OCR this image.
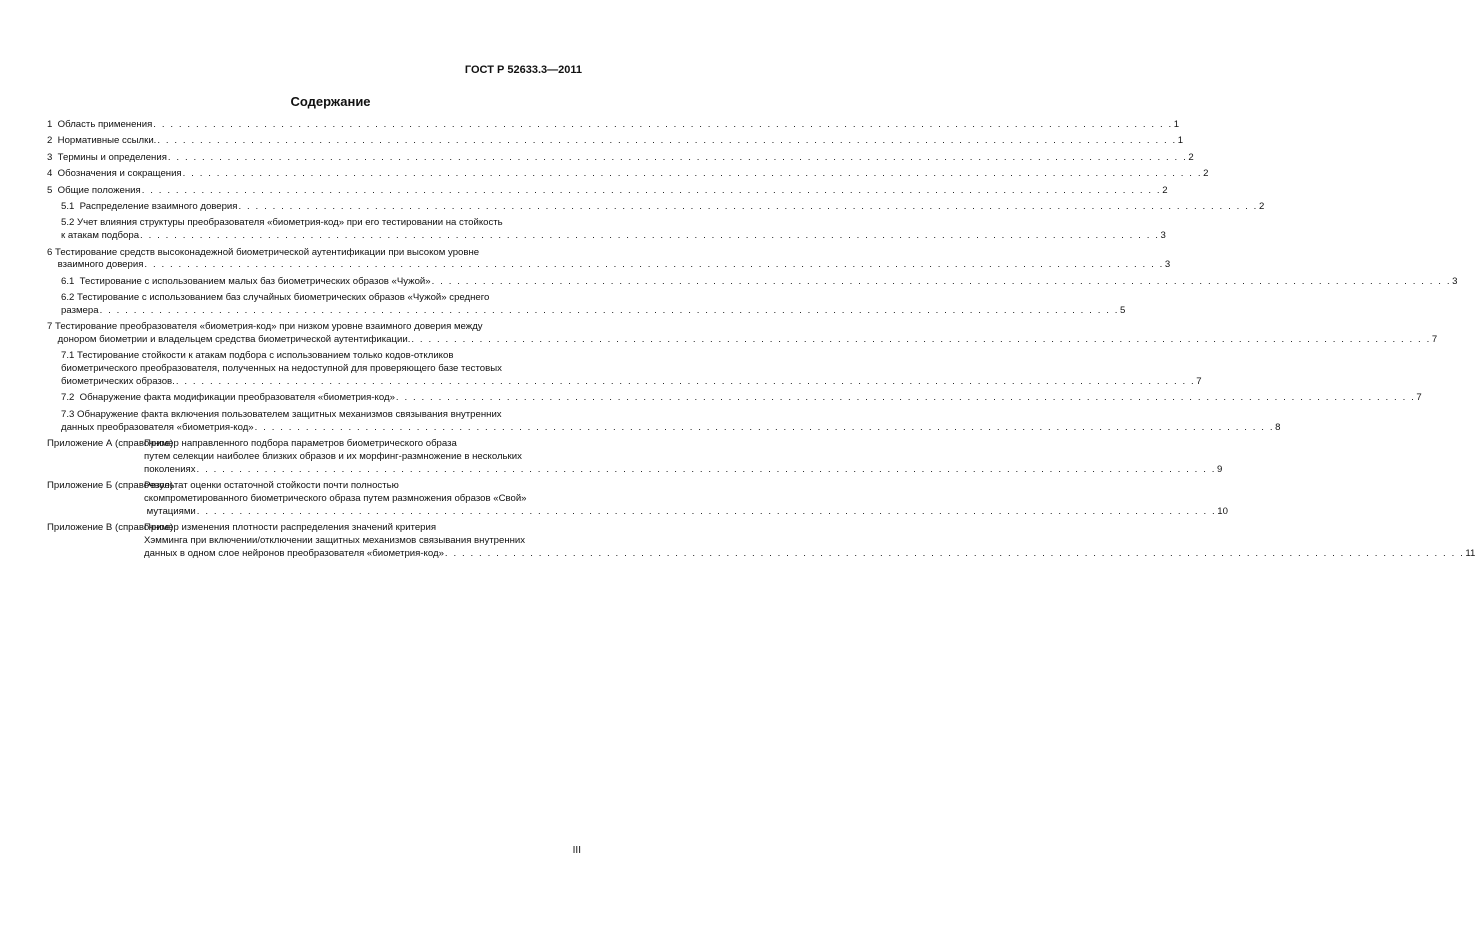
ГОСТ Р 52633.3—2011
Содержание
1  Область применения . . . . . . . . . . . . . . . . . . . . . . . . . . . . . . . . . . . . . . . . . . . . . . . . . . . . . . . . . . . . . . . . . . . . . . . . . . . . . . . . . . . . . . . . . . . . . . . . . . . . . . . . . . . . . . . . . . . . . . . . 1
2  Нормативные ссылки. . . . . . . . . . . . . . . . . . . . . . . . . . . . . . . . . . . . . . . . . . . . . . . . . . . . . . . . . . . . . . . . . . . . . . . . . . . . . . . . . . . . . . . . . . . . . . . . . . . . . . . . . . . . . . . . . . . . . . . . . 1
3  Термины и определения . . . . . . . . . . . . . . . . . . . . . . . . . . . . . . . . . . . . . . . . . . . . . . . . . . . . . . . . . . . . . . . . . . . . . . . . . . . . . . . . . . . . . . . . . . . . . . . . . . . . . . . . . . . . . . . . . . . . . . . . 2
4  Обозначения и сокращения . . . . . . . . . . . . . . . . . . . . . . . . . . . . . . . . . . . . . . . . . . . . . . . . . . . . . . . . . . . . . . . . . . . . . . . . . . . . . . . . . . . . . . . . . . . . . . . . . . . . . . . . . . . . . . . . . . . . . . . . 2
5  Общие положения . . . . . . . . . . . . . . . . . . . . . . . . . . . . . . . . . . . . . . . . . . . . . . . . . . . . . . . . . . . . . . . . . . . . . . . . . . . . . . . . . . . . . . . . . . . . . . . . . . . . . . . . . . . . . . . . . . . . . . . . 2
5.1  Распределение взаимного доверия . . . . . . . . . . . . . . . . . . . . . . . . . . . . . . . . . . . . . . . . . . . . . . . . . . . . . . . . . . . . . . . . . . . . . . . . . . . . . . . . . . . . . . . . . . . . . . . . . . . . . . . . . . . . . . . . . . . . . . . . 2
5.2 Учет влияния структуры преобразователя «биометрия-код» при его тестировании на стойкость
к атакам подбора . . . . . . . . . . . . . . . . . . . . . . . . . . . . . . . . . . . . . . . . . . . . . . . . . . . . . . . . . . . . . . . . . . . . . . . . . . . . . . . . . . . . . . . . . . . . . . . . . . . . . . . . . . . . . . . . . . . . . . . . 3
6 Тестирование средств высоконадежной биометрической аутентификации при высоком уровне
взаимного доверия . . . . . . . . . . . . . . . . . . . . . . . . . . . . . . . . . . . . . . . . . . . . . . . . . . . . . . . . . . . . . . . . . . . . . . . . . . . . . . . . . . . . . . . . . . . . . . . . . . . . . . . . . . . . . . . . . . . . . . . . 3
6.1  Тестирование с использованием малых баз биометрических образов «Чужой» . . . . . . . . . . . . . . . . . . . . . . . . . . . . . . . . . . . . . . . . . . . . . . . . . . . . . . . . . . . . . . . . . . . . . . . . . . . . . . . . . . . . . . . . . . . . . . . . . . . . . . . . . . . . . . . . . . . . . . . . 3
6.2 Тестирование с использованием баз случайных биометрических образов «Чужой» среднего
размера . . . . . . . . . . . . . . . . . . . . . . . . . . . . . . . . . . . . . . . . . . . . . . . . . . . . . . . . . . . . . . . . . . . . . . . . . . . . . . . . . . . . . . . . . . . . . . . . . . . . . . . . . . . . . . . . . . . . . . . . 5
7 Тестирование преобразователя «биометрия-код» при низком уровне взаимного доверия между
донором биометрии и владельцем средства биометрической аутентификации. . . . . . . . . . . . . . . . . . . . . . . . . . . . . . . . . . . . . . . . . . . . . . . . . . . . . . . . . . . . . . . . . . . . . . . . . . . . . . . . . . . . . . . . . . . . . . . . . . . . . . . . . . . . . . . . . . . . . . . . . 7
7.1 Тестирование стойкости к атакам подбора с использованием только кодов-откликов
биометрического преобразователя, полученных на недоступной для проверяющего базе тестовых
биометрических образов. . . . . . . . . . . . . . . . . . . . . . . . . . . . . . . . . . . . . . . . . . . . . . . . . . . . . . . . . . . . . . . . . . . . . . . . . . . . . . . . . . . . . . . . . . . . . . . . . . . . . . . . . . . . . . . . . . . . . . . . . 7
7.2  Обнаружение факта модификации преобразователя «биометрия-код» . . . . . . . . . . . . . . . . . . . . . . . . . . . . . . . . . . . . . . . . . . . . . . . . . . . . . . . . . . . . . . . . . . . . . . . . . . . . . . . . . . . . . . . . . . . . . . . . . . . . . . . . . . . . . . . . . . . . . . . . 7
7.3 Обнаружение факта включения пользователем защитных механизмов связывания внутренних
данных преобразователя «биометрия-код» . . . . . . . . . . . . . . . . . . . . . . . . . . . . . . . . . . . . . . . . . . . . . . . . . . . . . . . . . . . . . . . . . . . . . . . . . . . . . . . . . . . . . . . . . . . . . . . . . . . . . . . . . . . . . . . . . . . . . . . . 8
Приложение А (справочное)
Пример направленного подбора параметров биометрического образа
путем селекции наиболее близких образов и их морфинг-размножение в нескольких
поколениях . . . . . . . . . . . . . . . . . . . . . . . . . . . . . . . . . . . . . . . . . . . . . . . . . . . . . . . . . . . . . . . . . . . . . . . . . . . . . . . . . . . . . . . . . . . . . . . . . . . . . . . . . . . . . . . . . . . . . . . . 9
Приложение Б (справочное)
Результат оценки остаточной стойкости почти полностью
скомпрометированного биометрического образа путем размножения образов «Свой»
мутациями . . . . . . . . . . . . . . . . . . . . . . . . . . . . . . . . . . . . . . . . . . . . . . . . . . . . . . . . . . . . . . . . . . . . . . . . . . . . . . . . . . . . . . . . . . . . . . . . . . . . . . . . . . . . . . . . . . . . . . . . 10
Приложение В (справочное)
Пример изменения плотности распределения значений критерия
Хэмминга при включении/отключении защитных механизмов связывания внутренних
данных в одном слое нейронов преобразователя «биометрия-код» . . . . . . . . . . . . . . . . . . . . . . . . . . . . . . . . . . . . . . . . . . . . . . . . . . . . . . . . . . . . . . . . . . . . . . . . . . . . . . . . . . . . . . . . . . . . . . . . . . . . . . . . . . . . . . . . . . . . . . . . 11
III
